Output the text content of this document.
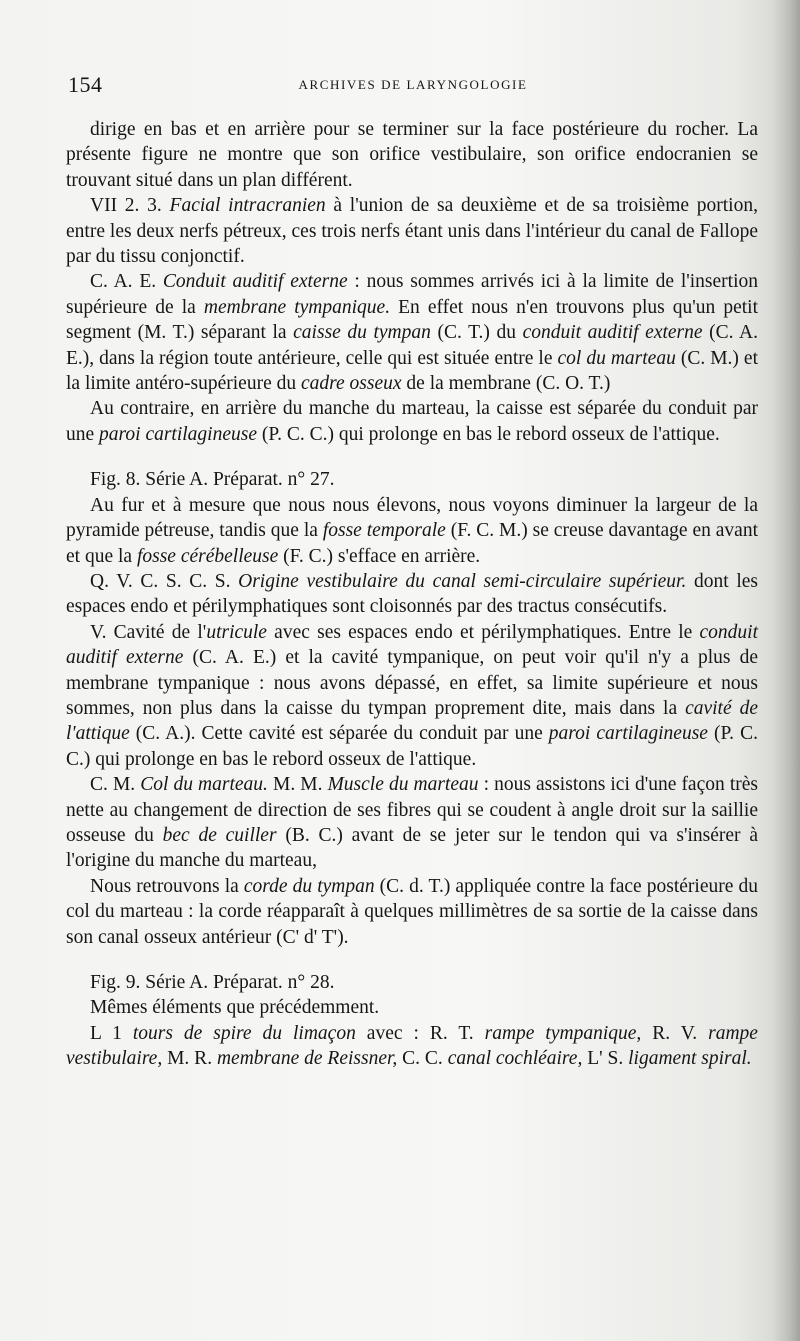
154	ARCHIVES DE LARYNGOLOGIE

dirige en bas et en arrière pour se terminer sur la face postérieure du rocher. La présente figure ne montre que son orifice vestibulaire, son orifice endocranien se trouvant situé dans un plan différent.

VII 2. 3. Facial intracranien à l'union de sa deuxième et de sa troisième portion, entre les deux nerfs pétreux, ces trois nerfs étant unis dans l'intérieur du canal de Fallope par du tissu conjonctif.

C. A. E. Conduit auditif externe : nous sommes arrivés ici à la limite de l'insertion supérieure de la membrane tympanique. En effet nous n'en trouvons plus qu'un petit segment (M. T.) séparant la caisse du tympan (C. T.) du conduit auditif externe (C. A. E.), dans la région toute antérieure, celle qui est située entre le col du marteau (C. M.) et la limite antéro-supérieure du cadre osseux de la membrane (C. O. T.)

Au contraire, en arrière du manche du marteau, la caisse est séparée du conduit par une paroi cartilagineuse (P. C. C.) qui prolonge en bas le rebord osseux de l'attique.

Fig. 8. Série A. Préparat. n° 27.

Au fur et à mesure que nous nous élevons, nous voyons diminuer la largeur de la pyramide pétreuse, tandis que la fosse temporale (F. C. M.) se creuse davantage en avant et que la fosse cérébelleuse (F. C.) s'efface en arrière.

Q. V. C. S. C. S. Origine vestibulaire du canal semi-circulaire supérieur. dont les espaces endo et périlymphatiques sont cloisonnés par des tractus consécutifs.

V. Cavité de l'utricule avec ses espaces endo et périlymphatiques. Entre le conduit auditif externe (C. A. E.) et la cavité tympanique, on peut voir qu'il n'y a plus de membrane tympanique : nous avons dépassé, en effet, sa limite supérieure et nous sommes, non plus dans la caisse du tympan proprement dite, mais dans la cavité de l'attique (C. A.). Cette cavité est séparée du conduit par une paroi cartilagineuse (P. C. C.) qui prolonge en bas le rebord osseux de l'attique.

C. M. Col du marteau. M. M. Muscle du marteau : nous assistons ici d'une façon très nette au changement de direction de ses fibres qui se coudent à angle droit sur la saillie osseuse du bec de cuiller (B. C.) avant de se jeter sur le tendon qui va s'insérer à l'origine du manche du marteau,

Nous retrouvons la corde du tympan (C. d. T.) appliquée contre la face postérieure du col du marteau : la corde réapparaît à quelques millimètres de sa sortie de la caisse dans son canal osseux antérieur (C' d' T').

Fig. 9. Série A. Préparat. n° 28.

Mêmes éléments que précédemment.

L 1 tours de spire du limaçon avec : R. T. rampe tympanique, R. V. rampe vestibulaire, M. R. membrane de Reissner, C. C. canal cochléaire, L' S. ligament spiral.
